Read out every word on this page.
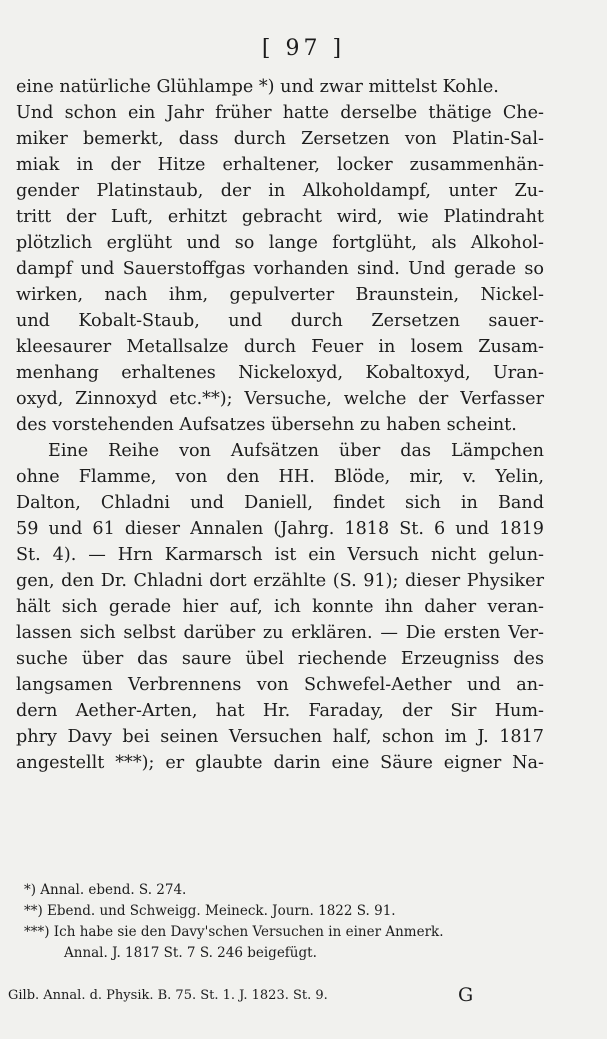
[ 97 ]
eine natürliche Glühlampe *) und zwar mittelst Kohle.
Und schon ein Jahr früher hatte derselbe thätige Che-
miker bemerkt, dass durch Zersetzen von Platin-Sal-
miak in der Hitze erhaltener, locker zusammenhän-
gender Platinstaub, der in Alkoholdampf, unter Zu-
tritt der Luft, erhitzt gebracht wird, wie Platindraht
plötzlich erglüht und so lange fortglüht, als Alkohol-
dampf und Sauerstoffgas vorhanden sind. Und gerade so
wirken, nach ihm, gepulverter Braunstein, Nickel-
und Kobalt-Staub, und durch Zersetzen sauer-
kleesaurer Metallsalze durch Feuer in losem Zusam-
menhang erhaltenes Nickeloxyd, Kobaltoxyd, Uran-
oxyd, Zinnoxyd etc.**); Versuche, welche der Verfasser
des vorstehenden Aufsatzes übersehn zu haben scheint.
Eine Reihe von Aufsätzen über das Lämpchen
ohne Flamme, von den HH. Blöde, mir, v. Yelin,
Dalton, Chladni und Daniell, findet sich in Band
59 und 61 dieser Annalen (Jahrg. 1818 St. 6 und 1819
St. 4). — Hrn Karmarsch ist ein Versuch nicht gelun-
gen, den Dr. Chladni dort erzählte (S. 91); dieser Physiker
hält sich gerade hier auf, ich konnte ihn daher veran-
lassen sich selbst darüber zu erklären. — Die ersten Ver-
suche über das saure übel riechende Erzeugniss des
langsamen Verbrennens von Schwefel-Aether und an-
dern Aether-Arten, hat Hr. Faraday, der Sir Hum-
phry Davy bei seinen Versuchen half, schon im J. 1817
angestellt ***); er glaubte darin eine Säure eigner Na-
*) Annal. ebend. S. 274.
**) Ebend. und Schweigg. Meineck. Journ. 1822 S. 91.
***) Ich habe sie den Davy'schen Versuchen in einer Anmerk.
Annal. J. 1817 St. 7 S. 246 beigefügt.
Gilb. Annal. d. Physik. B. 75. St. 1. J. 1823. St. 9.	G
